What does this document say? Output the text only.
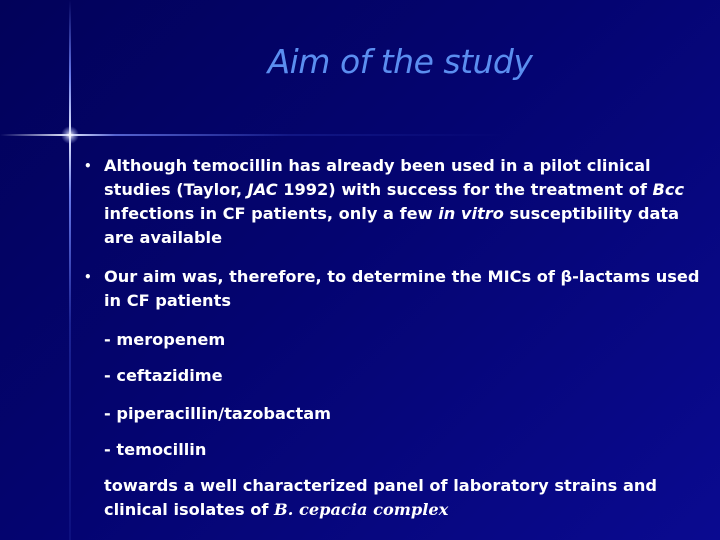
Aim of the study

• Although temocillin has already been used in a pilot clinical studies (Taylor, JAC 1992) with success for the treatment of Bcc infections in CF patients, only a few in vitro susceptibility data are available

• Our aim was, therefore, to determine the MICs of β-lactams used in CF patients

- meropenem
- ceftazidime
- piperacillin/tazobactam
- temocillin
towards a well characterized panel of laboratory strains and clinical isolates of B. cepacia complex
